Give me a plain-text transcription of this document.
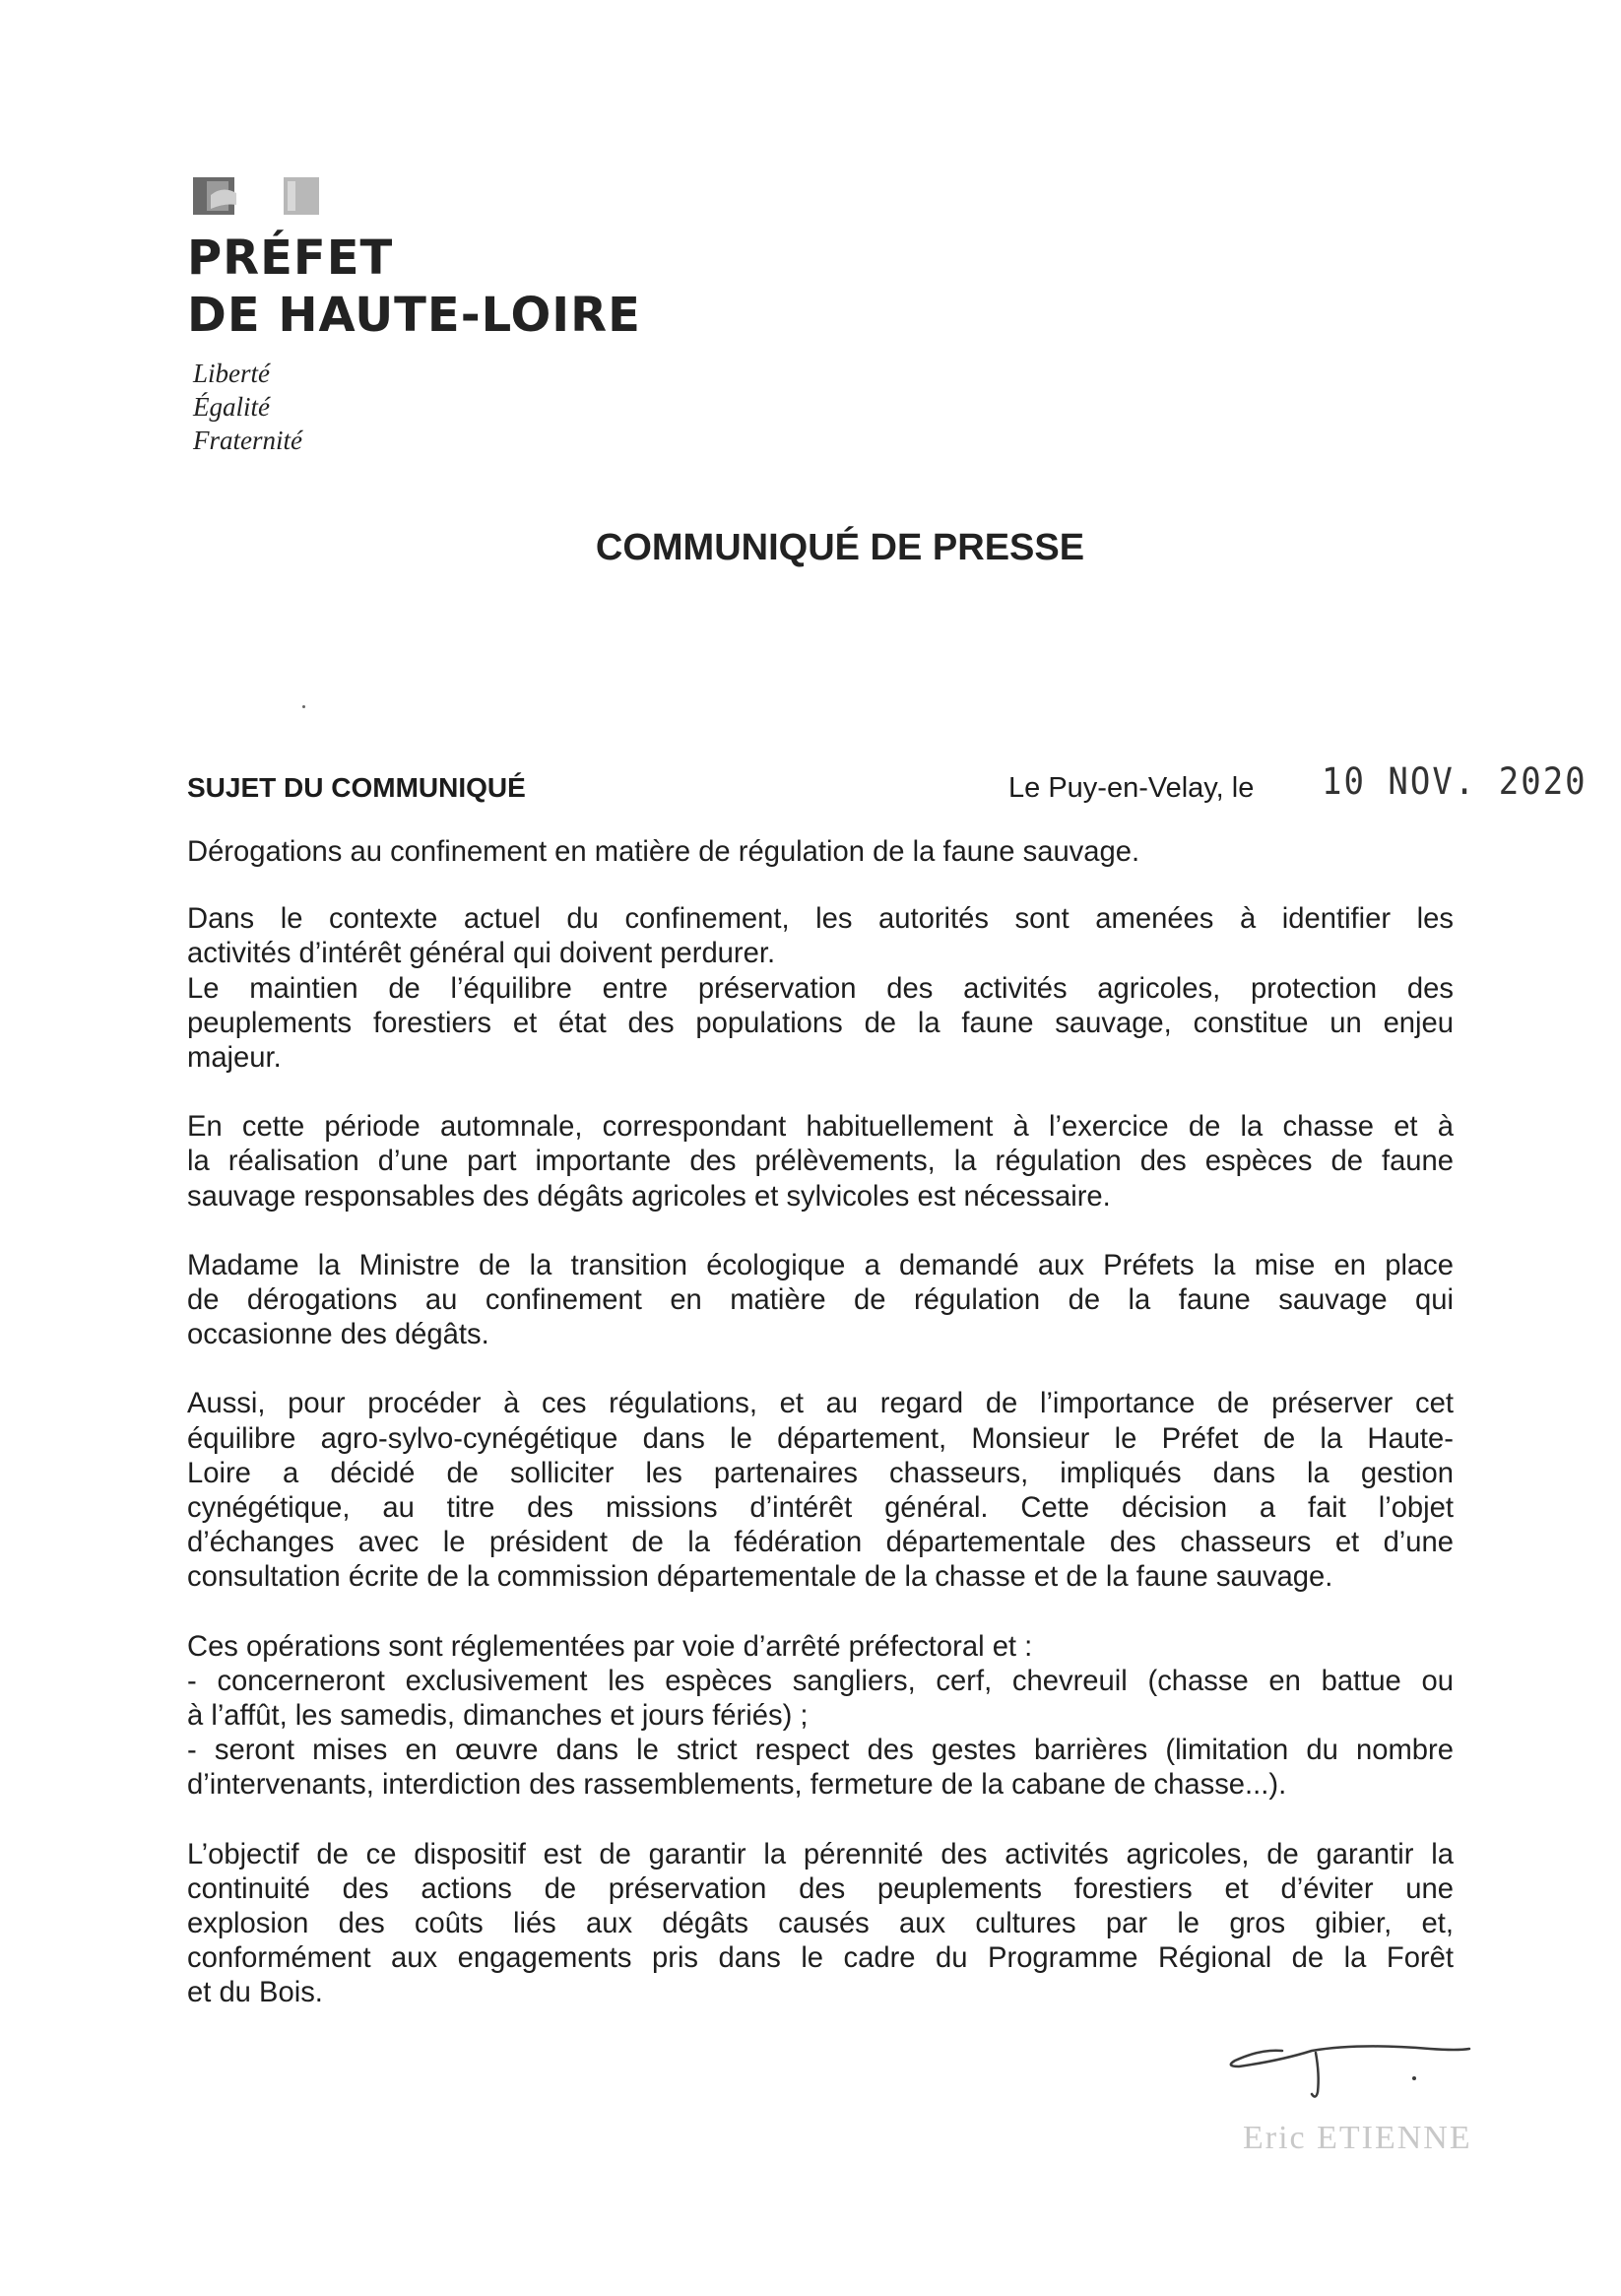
PRÉFET
DE HAUTE-LOIRE
Liberté
Égalité
Fraternité
COMMUNIQUÉ DE PRESSE
SUJET DU COMMUNIQUÉ	Le Puy-en-Velay, le 10 NOV. 2020
Dérogations au confinement en matière de régulation de la faune sauvage.
Dans le contexte actuel du confinement, les autorités sont amenées à identifier les
activités d’intérêt général qui doivent perdurer.
Le maintien de l’équilibre entre préservation des activités agricoles, protection des
peuplements forestiers et état des populations de la faune sauvage, constitue un enjeu
majeur.
En cette période automnale, correspondant habituellement à l’exercice de la chasse et à
la réalisation d’une part importante des prélèvements, la régulation des espèces de faune
sauvage responsables des dégâts agricoles et sylvicoles est nécessaire.
Madame la Ministre de la transition écologique a demandé aux Préfets la mise en place
de dérogations au confinement en matière de régulation de la faune sauvage qui
occasionne des dégâts.
Aussi, pour procéder à ces régulations, et au regard de l’importance de préserver cet
équilibre agro-sylvo-cynégétique dans le département, Monsieur le Préfet de la Haute-
Loire a décidé de solliciter les partenaires chasseurs, impliqués dans la gestion
cynégétique, au titre des missions d’intérêt général. Cette décision a fait l’objet
d’échanges avec le président de la fédération départementale des chasseurs et d’une
consultation écrite de la commission départementale de la chasse et de la faune sauvage.
Ces opérations sont réglementées par voie d’arrêté préfectoral et :
- concerneront exclusivement les espèces sangliers, cerf, chevreuil (chasse en battue ou
à l’affût, les samedis, dimanches et jours fériés) ;
- seront mises en œuvre dans le strict respect des gestes barrières (limitation du nombre
d’intervenants, interdiction des rassemblements, fermeture de la cabane de chasse...).
L’objectif de ce dispositif est de garantir la pérennité des activités agricoles, de garantir la
continuité des actions de préservation des peuplements forestiers et d’éviter une
explosion des coûts liés aux dégâts causés aux cultures par le gros gibier, et,
conformément aux engagements pris dans le cadre du Programme Régional de la Forêt
et du Bois.
Eric ETIENNE
